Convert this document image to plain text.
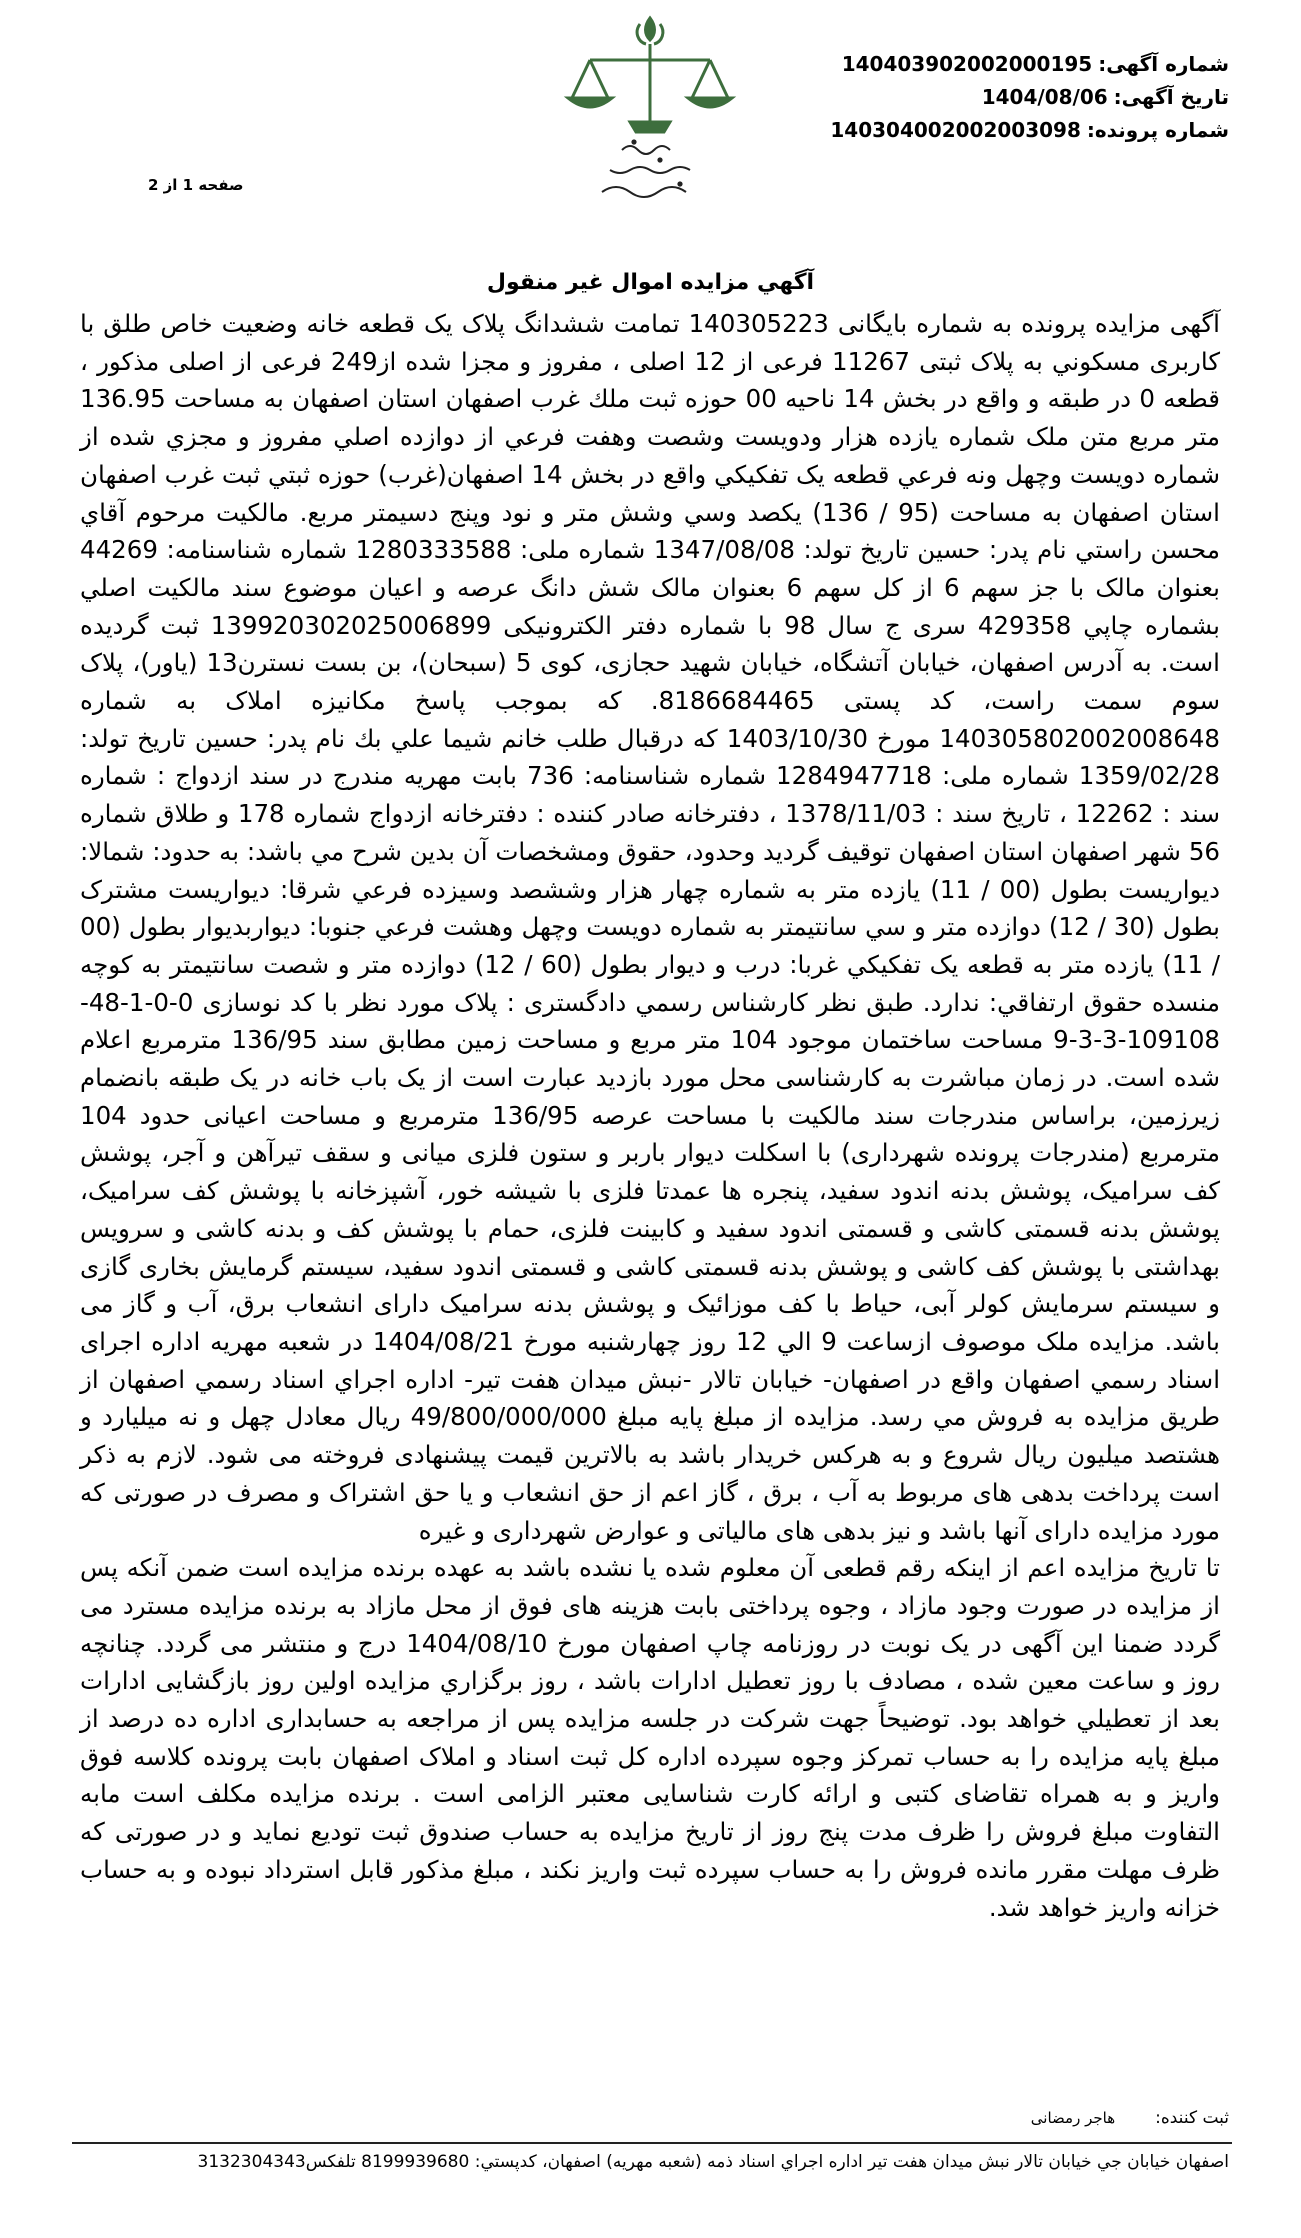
شماره آگهی:140403902002000195
تاریخ آگهی:1404/08/06
شماره پرونده:140304002002003098
صفحه 1 از 2
آگهي مزايده اموال غير منقول

آگهی مزایده پرونده به شماره بایگانی 140305223 تمامت ششدانگ پلاک یک قطعه خانه وضعیت خاص طلق با کاربری مسکوني به پلاک ثبتی 11267 فرعی از 12 اصلی ، مفروز و مجزا شده از249 فرعی از اصلی مذکور ، قطعه 0 در طبقه و واقع در بخش 14 ناحیه 00 حوزه ثبت ملك غرب اصفهان استان اصفهان به مساحت 136.95 متر مربع متن ملک شماره يازده هزار ودويست وشصت وهفت فرعي از دوازده اصلي مفروز و مجزي شده از شماره دويست وچهل ونه فرعي قطعه یک تفکيکي واقع در بخش 14 اصفهان(غرب) حوزه ثبتي ثبت غرب اصفهان استان اصفهان به مساحت (95 / 136) يکصد وسي وشش متر و نود وپنج دسيمتر مربع. مالکيت مرحوم آقاي محسن راستي نام پدر: حسین تاریخ تولد: 1347/08/08 شماره ملی: 1280333588 شماره شناسنامه: 44269 بعنوان مالک با جز سهم 6 از کل سهم 6 بعنوان مالک شش دانگ عرصه و اعیان موضوع سند مالکيت اصلي بشماره چاپي 429358 سری ج سال 98 با شماره دفتر الکترونيکی 139920302025006899 ثبت گرديده است. به آدرس اصفهان، خيابان آتشگاه، خيابان شهيد حجازی، کوی 5 (سبحان)، بن بست نسترن13 (یاور)، پلاک سوم سمت راست، کد پستی 8186684465. که بموجب پاسخ مکانيزه املاک به شماره 140305802002008648 مورخ 1403/10/30 که درقبال طلب خانم شيما علي بك نام پدر: حسین تاريخ تولد: 1359/02/28 شماره ملی: 1284947718 شماره شناسنامه: 736 بابت مهريه مندرج در سند ازدواج : شماره سند : 12262 ، تاريخ سند : 1378/11/03 ، دفترخانه صادر کننده : دفترخانه ازدواج شماره 178 و طلاق شماره 56 شهر اصفهان استان اصفهان توقيف گرديد وحدود، حقوق ومشخصات آن بدين شرح مي باشد: به حدود: شمالا: ديواريست بطول (00 / 11) يازده متر به شماره چهار هزار وششصد وسيزده فرعي شرقا: ديواريست مشترک بطول (30 / 12) دوازده متر و سي سانتيمتر به شماره دويست وچهل وهشت فرعي جنوبا: ديواربديوار بطول (00 / 11) يازده متر به قطعه یک تفکيکي غربا: درب و ديوار بطول (60 / 12) دوازده متر و شصت سانتيمتر به کوچه منسده حقوق ارتفاقي: ندارد. طبق نظر کارشناس رسمي دادگستری : پلاک مورد نظر با کد نوسازی 0-0-1-48-109108-3-3-9 مساحت ساختمان موجود 104 متر مربع و مساحت زمین مطابق سند 136/95 مترمربع اعلام شده است. در زمان مباشرت به کارشناسی محل مورد بازدید عبارت است از یک باب خانه در یک طبقه بانضمام زیرزمین، براساس مندرجات سند مالکیت با مساحت عرصه 136/95 مترمربع و مساحت اعیانی حدود 104 مترمربع (مندرجات پرونده شهرداری) با اسکلت دیوار باربر و ستون فلزی میانی و سقف تیرآهن و آجر، پوشش کف سرامیک، پوشش بدنه اندود سفید، پنجره ها عمدتا فلزی با شیشه خور، آشپزخانه با پوشش کف سرامیک، پوشش بدنه قسمتی کاشی و قسمتی اندود سفید و کابینت فلزی، حمام با پوشش کف و بدنه کاشی و سرویس بهداشتی با پوشش کف کاشی و پوشش بدنه قسمتی کاشی و قسمتی اندود سفید، سیستم گرمایش بخاری گازی و سیستم سرمایش کولر آبی، حیاط با کف موزائیک و پوشش بدنه سرامیک دارای انشعاب برق، آب و گاز می باشد. مزايده ملک موصوف ازساعت 9 الي 12 روز چهارشنبه مورخ 1404/08/21 در شعبه مهريه اداره اجرای اسناد رسمي اصفهان واقع در اصفهان- خیابان تالار -نبش میدان هفت تیر- اداره اجراي اسناد رسمي اصفهان از طريق مزايده به فروش مي رسد. مزايده از مبلغ پايه مبلغ 49/800/000/000 ريال معادل چهل و نه ميليارد و هشتصد ميليون ريال شروع و به هرکس خريدار باشد به بالاترين قيمت پيشنهادی فروخته می شود. لازم به ذکر است پرداخت بدهی های مربوط به آب ، برق ، گاز اعم از حق انشعاب و يا حق اشتراک و مصرف در صورتی که مورد مزايده دارای آنها باشد و نيز بدهی های مالياتی و عوارض شهرداری و غيره

تا تاريخ مزايده اعم از اينکه رقم قطعی آن معلوم شده يا نشده باشد به عهده برنده مزايده است ضمن آنکه پس از مزايده در صورت وجود مازاد ، وجوه پرداختی بابت هزينه های فوق از محل مازاد به برنده مزايده مسترد می گردد ضمنا اين آگهی در یک نوبت در روزنامه چاپ اصفهان مورخ 1404/08/10 درج و منتشر می گردد. چنانچه روز و ساعت معين شده ، مصادف با روز تعطيل ادارات باشد ، روز برگزاري مزايده اولين روز بازگشايی ادارات بعد از تعطيلي خواهد بود. توضيحاً جهت شرکت در جلسه مزايده پس از مراجعه به حسابداری اداره ده درصد از مبلغ پايه مزايده را به حساب تمرکز وجوه سپرده اداره کل ثبت اسناد و املاک اصفهان بابت پرونده کلاسه فوق واريز و به همراه تقاضای کتبی و ارائه کارت شناسايی معتبر الزامی است . برنده مزايده مکلف است مابه التفاوت مبلغ فروش را ظرف مدت پنج روز از تاريخ مزايده به حساب صندوق ثبت توديع نمايد و در صورتی که ظرف مهلت مقرر مانده فروش را به حساب سپرده ثبت واريز نکند ، مبلغ مذکور قابل استرداد نبوده و به حساب خزانه واريز خواهد شد.

ثبت کننده:هاجر رمضانی
اصفهان خيابان جي خيابان تالار نبش ميدان هفت تير اداره اجراي اسناد ذمه (شعبه مهريه) اصفهان، کدپستي: 8199939680 تلفکس3132304343
